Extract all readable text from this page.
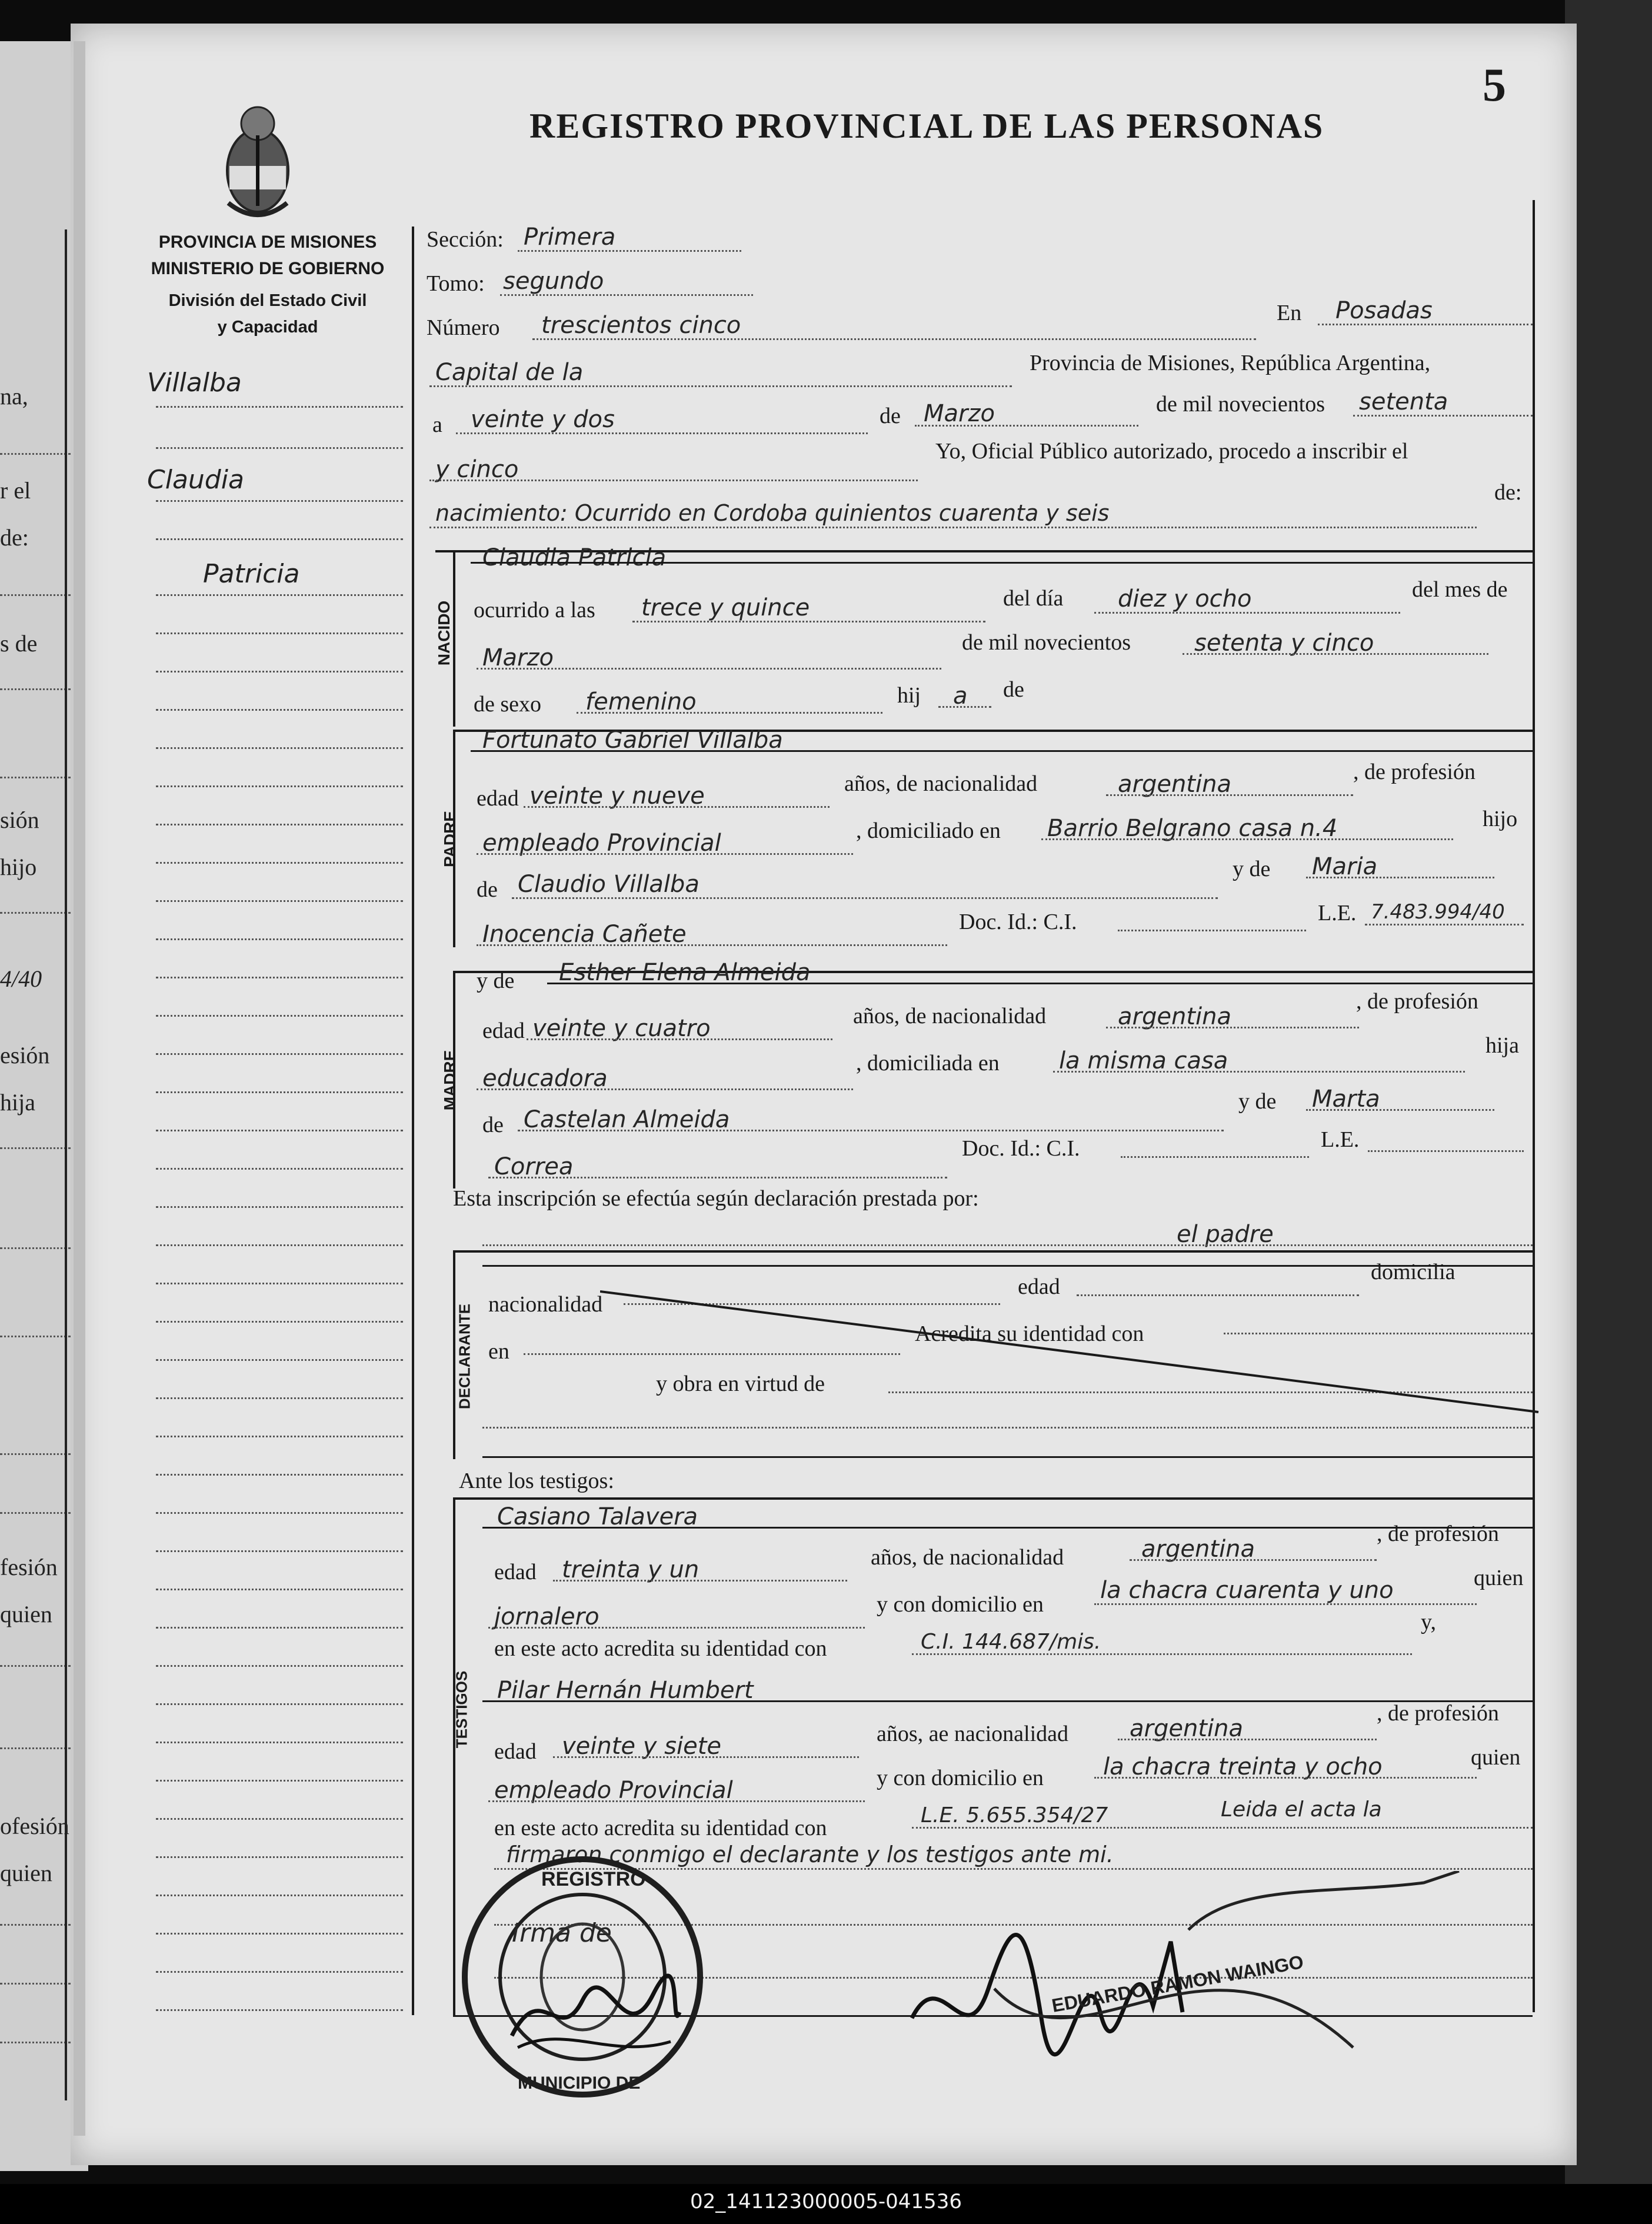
na,
r el
de:
s de
sión
hijo
4/40
esión
hija
fesión
quien
ofesión
quien
5
REGISTRO PROVINCIAL DE LAS PERSONAS
PROVINCIA DE MISIONES
MINISTERIO DE GOBIERNO
División del Estado Civil
y Capacidad
Villalba
Claudia
Patricia
Sección: Primera
Tomo: segundo
Número trescientos cinco	En Posadas
Capital de la	Provincia de Misiones, República Argentina,
a veinte y dos	de Marzo	de mil novecientos setenta
y cinco
Yo, Oficial Público autorizado, procedo a inscribir el
nacimiento: Ocurrido en Cordoba quinientos cuarenta y seis
de:
NACIDO
Claudia Patricia
ocurrido a las trece y quince	del día diez y ocho	del mes de
Marzo
de mil novecientos	setenta y cinco
de sexo femenino	hij a de
PADRE
Fortunato Gabriel Villalba
edad veinte y nueve	años, de nacionalidad	argentina	, de profesión
empleado Provincial	, domiciliado en Barrio Belgrano casa n.4	hijo
de Claudio Villalba
y de Maria
Inocencia Cañete	Doc. Id.: C.I.	L.E. 7.483.994/40
MADRE
y de Esther Elena Almeida
edad veinte y cuatro	años, de nacionalidad	argentina
, de profesión
educadora
, domiciliada en	la misma casa
hija
de Castelan Almeida
y de Marta
Correa
Doc. Id.: C.I.	L.E.
Esta inscripción se efectúa según declaración prestada por:
el padre
DECLARANTE
edad
domicilia
nacionalidad
Acredita su identidad con
en
y obra en virtud de
Ante los testigos:
TESTIGOS
Casiano Talavera
edad treinta y un	años, de nacionalidad	argentina
, de profesión
y con domicilio en
la chacra cuarenta y uno	quien
jornalero	y,
en este acto acredita su identidad con	C.I. 144.687/mis.
Pilar Hernán Humbert
edad veinte y siete	años, ae nacionalidad	argentina
, de profesión
empleado Provincial	y con domicilio en	la chacra treinta y ocho	quien
en este acto acredita su identidad con
L.E. 5.655.354/27	Leida el acta la
firmaron conmigo el declarante y los testigos ante mi.
REGISTRO
MUNICIPIO DE
Irma de
EDUARDO RAMON WAINGO
02_141123000005-041536
